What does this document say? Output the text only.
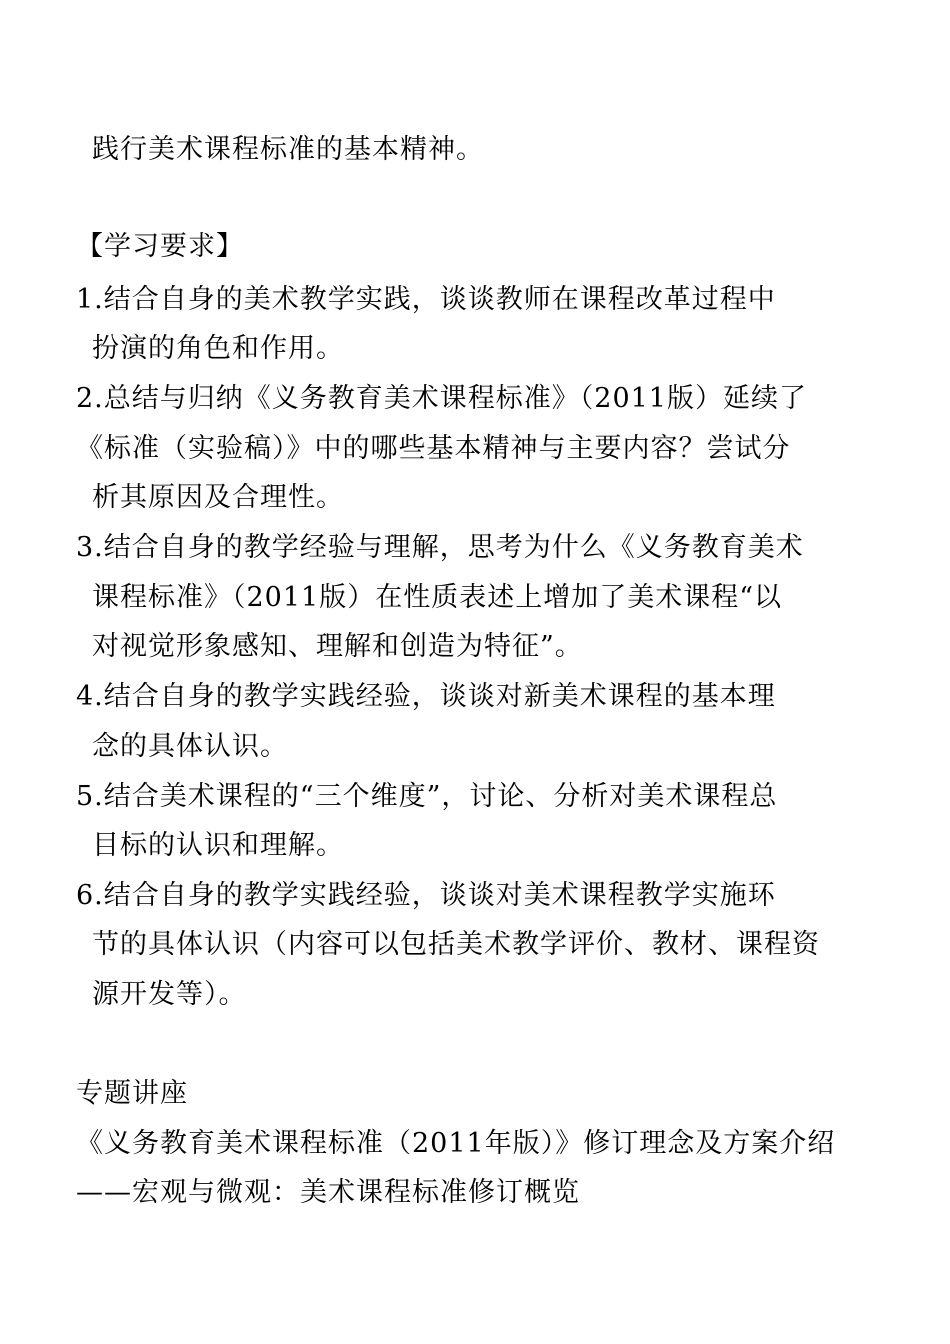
践行美术课程标准的基本精神。
【学习要求】
1.结合自身的美术教学实践，谈谈教师在课程改革过程中
扮演的角色和作用。
2.总结与归纳《义务教育美术课程标准》（2011版）延续了
《标准（实验稿）》中的哪些基本精神与主要内容？尝试分
析其原因及合理性。
3.结合自身的教学经验与理解，思考为什么《义务教育美术
课程标准》（2011版）在性质表述上增加了美术课程“以
对视觉形象感知、理解和创造为特征”。
4.结合自身的教学实践经验，谈谈对新美术课程的基本理
念的具体认识。
5.结合美术课程的“三个维度”，讨论、分析对美术课程总
目标的认识和理解。
6.结合自身的教学实践经验，谈谈对美术课程教学实施环
节的具体认识（内容可以包括美术教学评价、教材、课程资
源开发等）。
专题讲座
《义务教育美术课程标准（2011年版）》修订理念及方案介绍
——宏观与微观：美术课程标准修订概览
